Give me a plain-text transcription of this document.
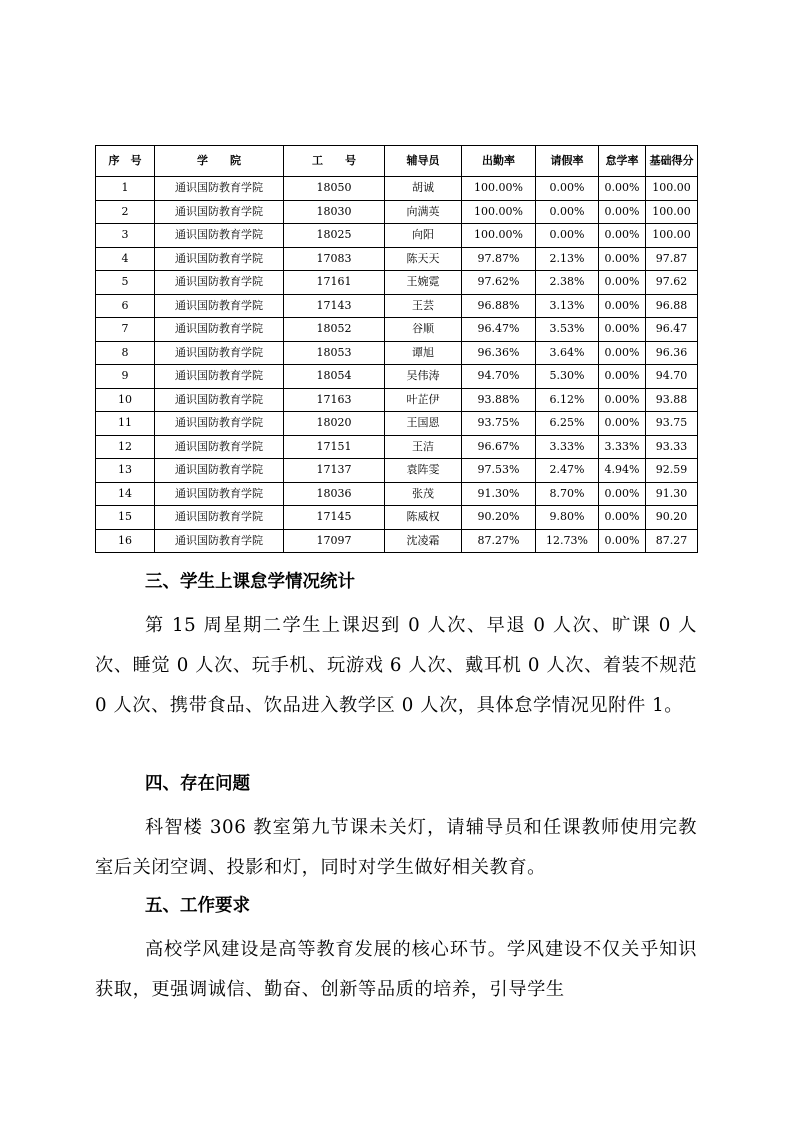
序　号	学　　院	工　　号	辅导员	出勤率	请假率	怠学率	基础得分
1	通识国防教育学院	18050	胡诚	100.00%	0.00%	0.00%	100.00
2	通识国防教育学院	18030	向满英	100.00%	0.00%	0.00%	100.00
3	通识国防教育学院	18025	向阳	100.00%	0.00%	0.00%	100.00
4	通识国防教育学院	17083	陈天天	97.87%	2.13%	0.00%	97.87
5	通识国防教育学院	17161	王婉霓	97.62%	2.38%	0.00%	97.62
6	通识国防教育学院	17143	王芸	96.88%	3.13%	0.00%	96.88
7	通识国防教育学院	18052	谷顺	96.47%	3.53%	0.00%	96.47
8	通识国防教育学院	18053	谭旭	96.36%	3.64%	0.00%	96.36
9	通识国防教育学院	18054	吴伟涛	94.70%	5.30%	0.00%	94.70
10	通识国防教育学院	17163	叶芷伊	93.88%	6.12%	0.00%	93.88
11	通识国防教育学院	18020	王国恩	93.75%	6.25%	0.00%	93.75
12	通识国防教育学院	17151	王洁	96.67%	3.33%	3.33%	93.33
13	通识国防教育学院	17137	袁阵雯	97.53%	2.47%	4.94%	92.59
14	通识国防教育学院	18036	张茂	91.30%	8.70%	0.00%	91.30
15	通识国防教育学院	17145	陈威权	90.20%	9.80%	0.00%	90.20
16	通识国防教育学院	17097	沈凌霜	87.27%	12.73%	0.00%	87.27
三、学生上课怠学情况统计

第 15 周星期二学生上课迟到 0 人次、早退 0 人次、旷课 0 人次、睡觉 0 人次、玩手机、玩游戏 6 人次、戴耳机 0 人次、着装不规范 0 人次、携带食品、饮品进入教学区 0 人次，具体怠学情况见附件 1。

四、存在问题

科智楼 306 教室第九节课未关灯，请辅导员和任课教师使用完教室后关闭空调、投影和灯，同时对学生做好相关教育。

五、工作要求

高校学风建设是高等教育发展的核心环节。学风建设不仅关乎知识获取，更强调诚信、勤奋、创新等品质的培养，引导学生
